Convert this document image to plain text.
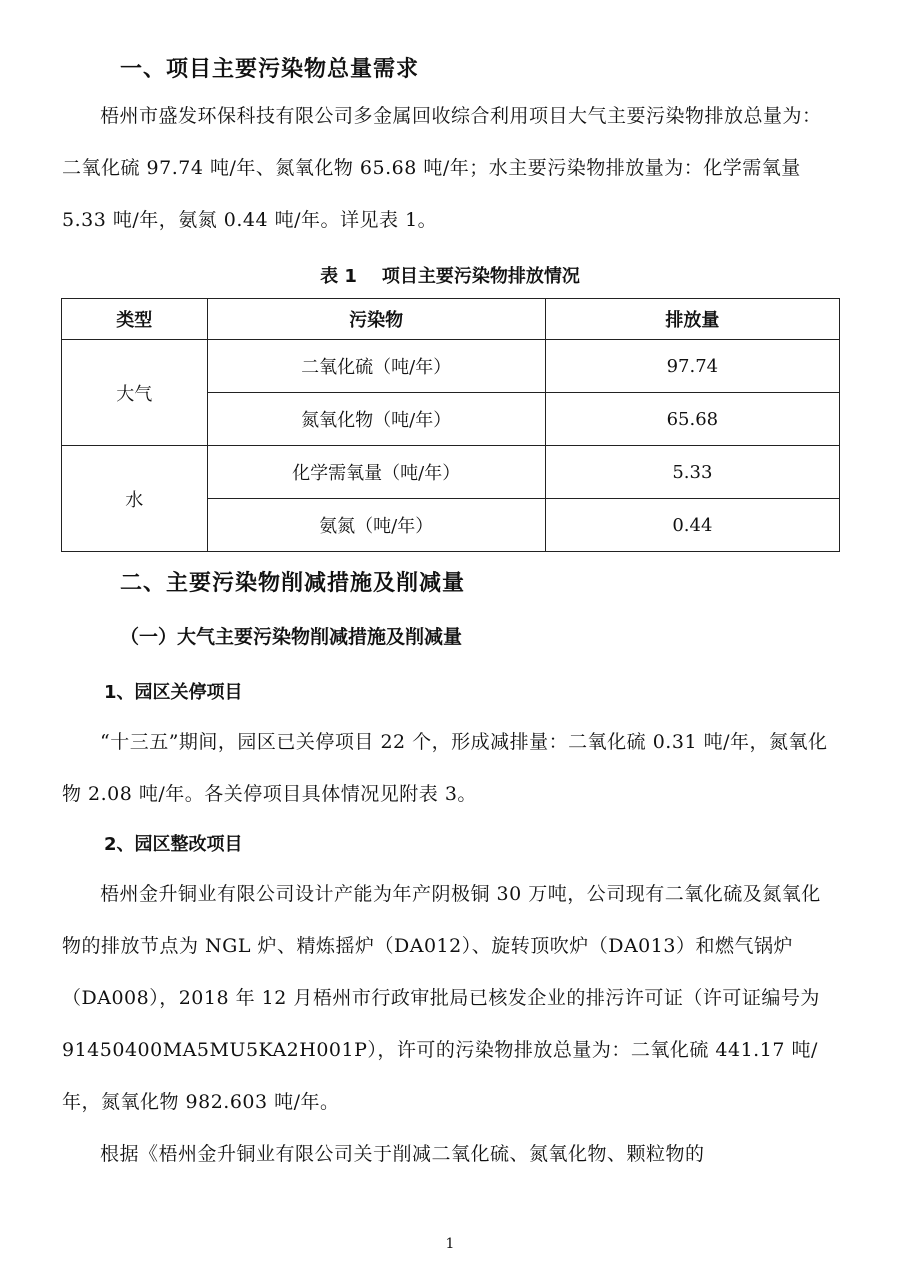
一、项目主要污染物总量需求

梧州市盛发环保科技有限公司多金属回收综合利用项目大气主要污染物排放总量为：二氧化硫 97.74 吨/年、氮氧化物 65.68 吨/年；水主要污染物排放量为：化学需氧量 5.33 吨/年，氨氮 0.44 吨/年。详见表 1。

表 1    项目主要污染物排放情况
类型	污染物	排放量
大气	二氧化硫（吨/年）	97.74
	氮氧化物（吨/年）	65.68
水	化学需氧量（吨/年）	5.33
	氨氮（吨/年）	0.44
二、主要污染物削减措施及削减量
（一）大气主要污染物削减措施及削减量
1、园区关停项目

“十三五”期间，园区已关停项目 22 个，形成减排量：二氧化硫 0.31 吨/年，氮氧化物 2.08 吨/年。各关停项目具体情况见附表 3。

2、园区整改项目

梧州金升铜业有限公司设计产能为年产阴极铜 30 万吨，公司现有二氧化硫及氮氧化物的排放节点为 NGL 炉、精炼摇炉（DA012）、旋转顶吹炉（DA013）和燃气锅炉（DA008），2018 年 12 月梧州市行政审批局已核发企业的排污许可证（许可证编号为 91450400MA5MU5KA2H001P），许可的污染物排放总量为：二氧化硫 441.17 吨/年，氮氧化物 982.603 吨/年。

根据《梧州金升铜业有限公司关于削减二氧化硫、氮氧化物、颗粒物的

1
